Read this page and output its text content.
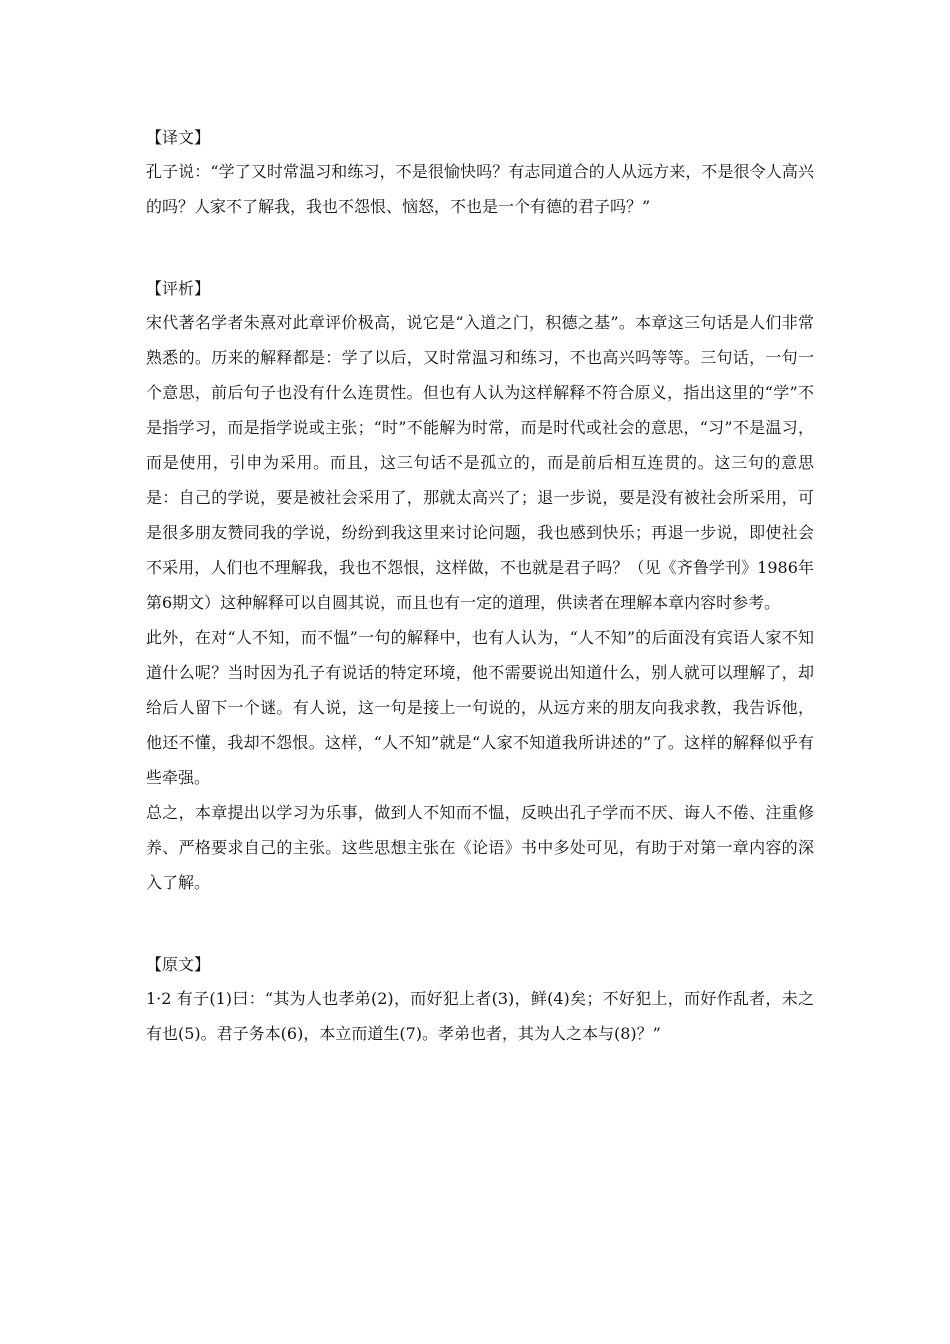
【译文】

孔子说：“学了又时常温习和练习，不是很愉快吗？有志同道合的人从远方来，不是很令人高兴的吗？人家不了解我，我也不怨恨、恼怒，不也是一个有德的君子吗？”

【评析】

宋代著名学者朱熹对此章评价极高，说它是“入道之门，积德之基”。本章这三句话是人们非常熟悉的。历来的解释都是：学了以后，又时常温习和练习，不也高兴吗等等。三句话，一句一个意思，前后句子也没有什么连贯性。但也有人认为这样解释不符合原义，指出这里的“学”不是指学习，而是指学说或主张；“时”不能解为时常，而是时代或社会的意思，“习”不是温习，而是使用，引申为采用。而且，这三句话不是孤立的，而是前后相互连贯的。这三句的意思是：自己的学说，要是被社会采用了，那就太高兴了；退一步说，要是没有被社会所采用，可是很多朋友赞同我的学说，纷纷到我这里来讨论问题，我也感到快乐；再退一步说，即使社会不采用，人们也不理解我，我也不怨恨，这样做，不也就是君子吗？（见《齐鲁学刊》1986年第6期文）这种解释可以自圆其说，而且也有一定的道理，供读者在理解本章内容时参考。

此外，在对“人不知，而不愠”一句的解释中，也有人认为，“人不知”的后面没有宾语人家不知道什么呢？当时因为孔子有说话的特定环境，他不需要说出知道什么，别人就可以理解了，却给后人留下一个谜。有人说，这一句是接上一句说的，从远方来的朋友向我求教，我告诉他，他还不懂，我却不怨恨。这样，“人不知”就是“人家不知道我所讲述的”了。这样的解释似乎有些牵强。

总之，本章提出以学习为乐事，做到人不知而不愠，反映出孔子学而不厌、诲人不倦、注重修养、严格要求自己的主张。这些思想主张在《论语》书中多处可见，有助于对第一章内容的深入了解。

【原文】

1·2 有子(1)曰：“其为人也孝弟(2)，而好犯上者(3)，鲜(4)矣；不好犯上，而好作乱者，未之有也(5)。君子务本(6)，本立而道生(7)。孝弟也者，其为人之本与(8)？”
